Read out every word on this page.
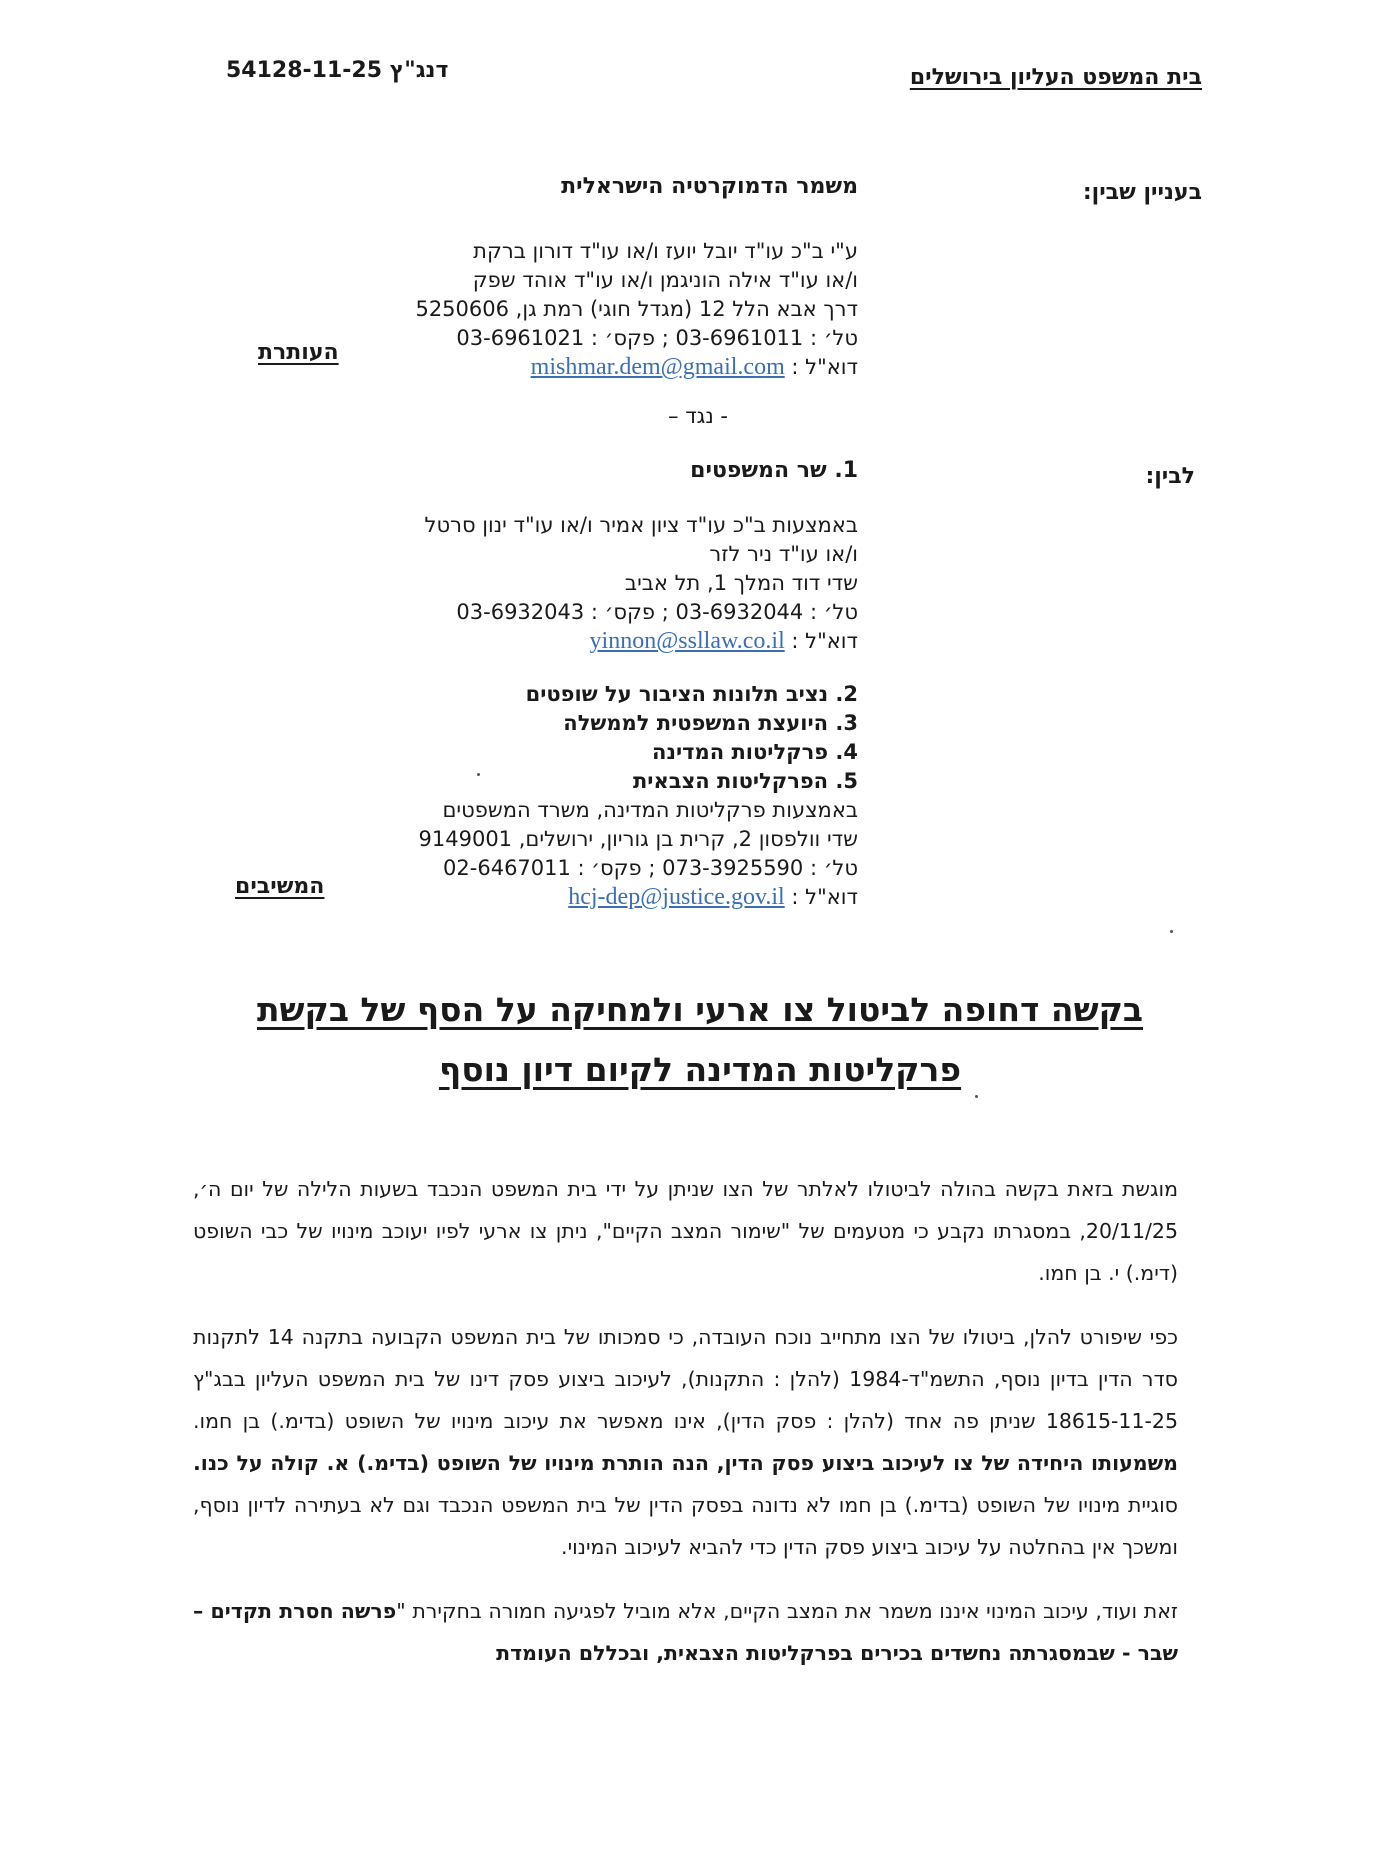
בית המשפט העליון בירושלים
דנג"ץ 54128-11-25
בעניין שבין:
משמר הדמוקרטיה הישראלית
ע"י ב"כ עו"ד יובל יועז ו/או עו"ד דורון ברקת
ו/או עו"ד אילה הוניגמן ו/או עו"ד אוהד שפק
דרך אבא הלל 12 (מגדל חוגי) רמת גן, 5250606
טל׳ : 03-6961011 ; פקס׳ : 03-6961021
דוא"ל : mishmar.dem@gmail.com
העותרת
- נגד –
לבין:
1. שר המשפטים
באמצעות ב"כ עו"ד ציון אמיר ו/או עו"ד ינון סרטל
ו/או עו"ד ניר לזר
שדי דוד המלך 1, תל אביב
טל׳ : 03-6932044 ; פקס׳ : 03-6932043
דוא"ל : yinnon@ssllaw.co.il
2. נציב תלונות הציבור על שופטים
3. היועצת המשפטית לממשלה
4. פרקליטות המדינה
5. הפרקליטות הצבאית
באמצעות פרקליטות המדינה, משרד המשפטים
שדי וולפסון 2, קרית בן גוריון, ירושלים, 9149001
טל׳ : 073-3925590 ; פקס׳ : 02-6467011
דוא"ל : hcj-dep@justice.gov.il
המשיבים
בקשה דחופה לביטול צו ארעי ולמחיקה על הסף של בקשת
פרקליטות המדינה לקיום דיון נוסף

מוגשת בזאת בקשה בהולה לביטולו לאלתר של הצו שניתן על ידי בית המשפט הנכבד בשעות הלילה של יום ה׳, 20/11/25, במסגרתו נקבע כי מטעמים של "שימור המצב הקיים", ניתן צו ארעי לפיו יעוכב מינויו של כבי השופט (דימ.) י. בן חמו.

כפי שיפורט להלן, ביטולו של הצו מתחייב נוכח העובדה, כי סמכותו של בית המשפט הקבועה בתקנה 14 לתקנות סדר הדין בדיון נוסף, התשמ"ד-1984 (להלן : התקנות), לעיכוב ביצוע פסק דינו של בית המשפט העליון בבג"ץ 18615-11-25 שניתן פה אחד (להלן : פסק הדין), אינו מאפשר את עיכוב מינויו של השופט (בדימ.) בן חמו. משמעותו היחידה של צו לעיכוב ביצוע פסק הדין, הנה הותרת מינויו של השופט (בדימ.) א. קולה על כנו. סוגיית מינויו של השופט (בדימ.) בן חמו לא נדונה בפסק הדין של בית המשפט הנכבד וגם לא בעתירה לדיון נוסף, ומשכך אין בהחלטה על עיכוב ביצוע פסק הדין כדי להביא לעיכוב המינוי.

זאת ועוד, עיכוב המינוי איננו משמר את המצב הקיים, אלא מוביל לפגיעה חמורה בחקירת "פרשה חסרת תקדים – שבר - שבמסגרתה נחשדים בכירים בפרקליטות הצבאית, ובכללם העומדת
